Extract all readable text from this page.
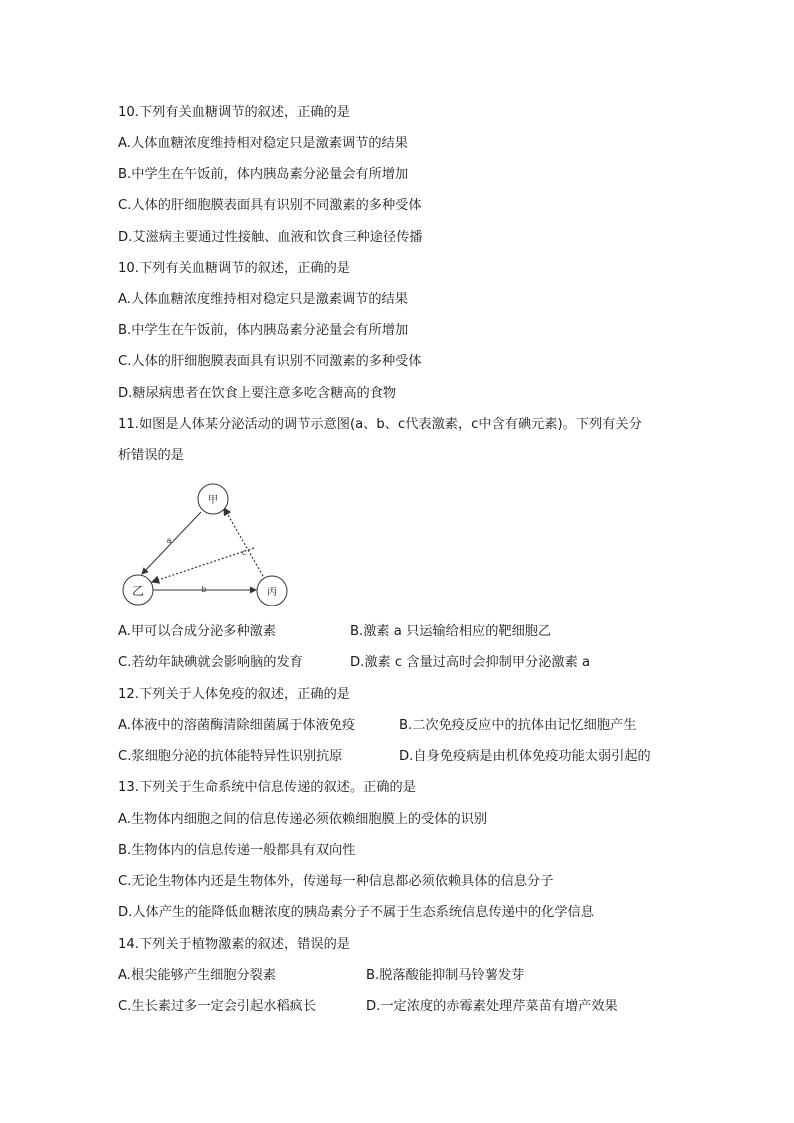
10.下列有关血糖调节的叙述，正确的是
A.人体血糖浓度维持相对稳定只是激素调节的结果
B.中学生在午饭前，体内胰岛素分泌量会有所增加
C.人体的肝细胞膜表面具有识别不同激素的多种受体
D.艾滋病主要通过性接触、血液和饮食三种途径传播
10.下列有关血糖调节的叙述，正确的是
A.人体血糖浓度维持相对稳定只是激素调节的结果
B.中学生在午饭前，体内胰岛素分泌量会有所增加
C.人体的肝细胞膜表面具有识别不同激素的多种受体
D.糖尿病患者在饮食上要注意多吃含糖高的食物
11.如图是人体某分泌活动的调节示意图(a、b、c代表激素，c中含有碘元素)。下列有关分
析错误的是
甲
乙	丙
a
b
c
A.甲可以合成分泌多种激素	B.激素 a 只运输给相应的靶细胞乙
C.若幼年缺碘就会影响脑的发育	D.激素 c 含量过高时会抑制甲分泌激素 a
12.下列关于人体免疫的叙述，正确的是
A.体液中的溶菌酶清除细菌属于体液免疫	B.二次免疫反应中的抗体由记忆细胞产生
C.浆细胞分泌的抗体能特异性识别抗原	D.自身免疫病是由机体免疫功能太弱引起的
13.下列关于生命系统中信息传递的叙述。正确的是
A.生物体内细胞之间的信息传递必须依赖细胞膜上的受体的识别
B.生物体内的信息传递一般都具有双向性
C.无论生物体内还是生物体外，传递每一种信息都必须依赖具体的信息分子
D.人体产生的能降低血糖浓度的胰岛素分子不属于生态系统信息传递中的化学信息
14.下列关于植物激素的叙述，错误的是
A.根尖能够产生细胞分裂素	B.脱落酸能抑制马铃薯发芽
C.生长素过多一定会引起水稻疯长	D.一定浓度的赤霉素处理芹菜苗有增产效果
